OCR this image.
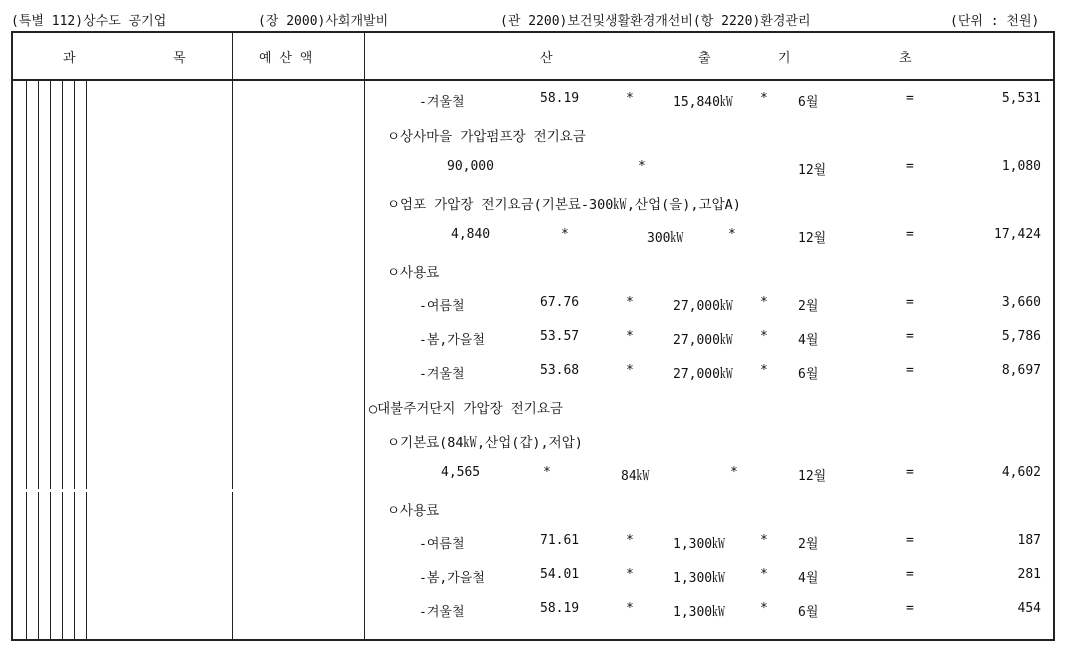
(특별 112)상수도 공기업	(장 2000)사회개발비	(관 2200)보건및생활환경개선비(항 2220)환경관리	(단위 : 천원)
과	목	예 산 액	산	출	기	초
-겨울철	58.19	*	15,840㎾ * 6월	=	5,531
ㅇ상사마을 가압펌프장 전기요금
90,000	*	12월	=	1,080
ㅇ엄포 가압장 전기요금(기본료-300㎾,산업(을),고압A)
4,840	*	300㎾	*	12월	=	17,424
ㅇ사용료
-여름철	67.76	*	27,000㎾ * 2월	=	3,660
-봄,가을철	53.57	*	27,000㎾ * 4월	=	5,786
-겨울철	53.68	*	27,000㎾ * 6월	=	8,697
○대불주거단지 가압장 전기요금
ㅇ기본료(84㎾,산업(갑),저압)
4,565	*	84㎾	*	12월	=	4,602
ㅇ사용료
-여름철	71.61	*	1,300㎾	* 2월	=	187
-봄,가을철	54.01	*	1,300㎾	* 4월	=	281
-겨울철	58.19	*	1,300㎾	* 6월	=	454
